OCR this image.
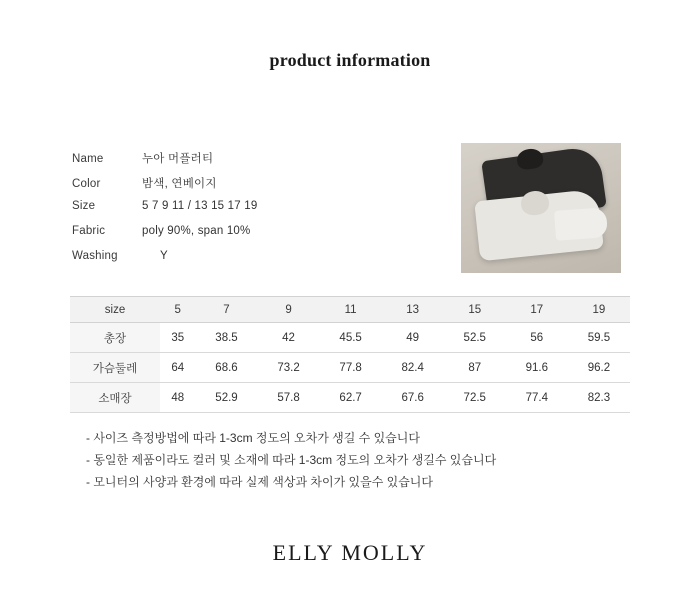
product information
Name	누아 머플러티
Color	밤색, 연베이지
Size	5 7 9 11 / 13 15 17 19
Fabric	poly 90%, span 10%
Washing	Y
size	5	7	9	11	13	15	17	19
총장	35	38.5	42	45.5	49	52.5	56	59.5
가슴둘레	64	68.6	73.2	77.8	82.4	87	91.6	96.2
소매장	48	52.9	57.8	62.7	67.6	72.5	77.4	82.3
- 사이즈 측정방법에 따라 1-3cm 정도의 오차가 생길 수 있습니다
- 동일한 제품이라도 컬러 및 소재에 따라 1-3cm 정도의 오차가 생길수 있습니다
- 모니터의 사양과 환경에 따라 실제 색상과 차이가 있을수 있습니다
ELLY MOLLY
